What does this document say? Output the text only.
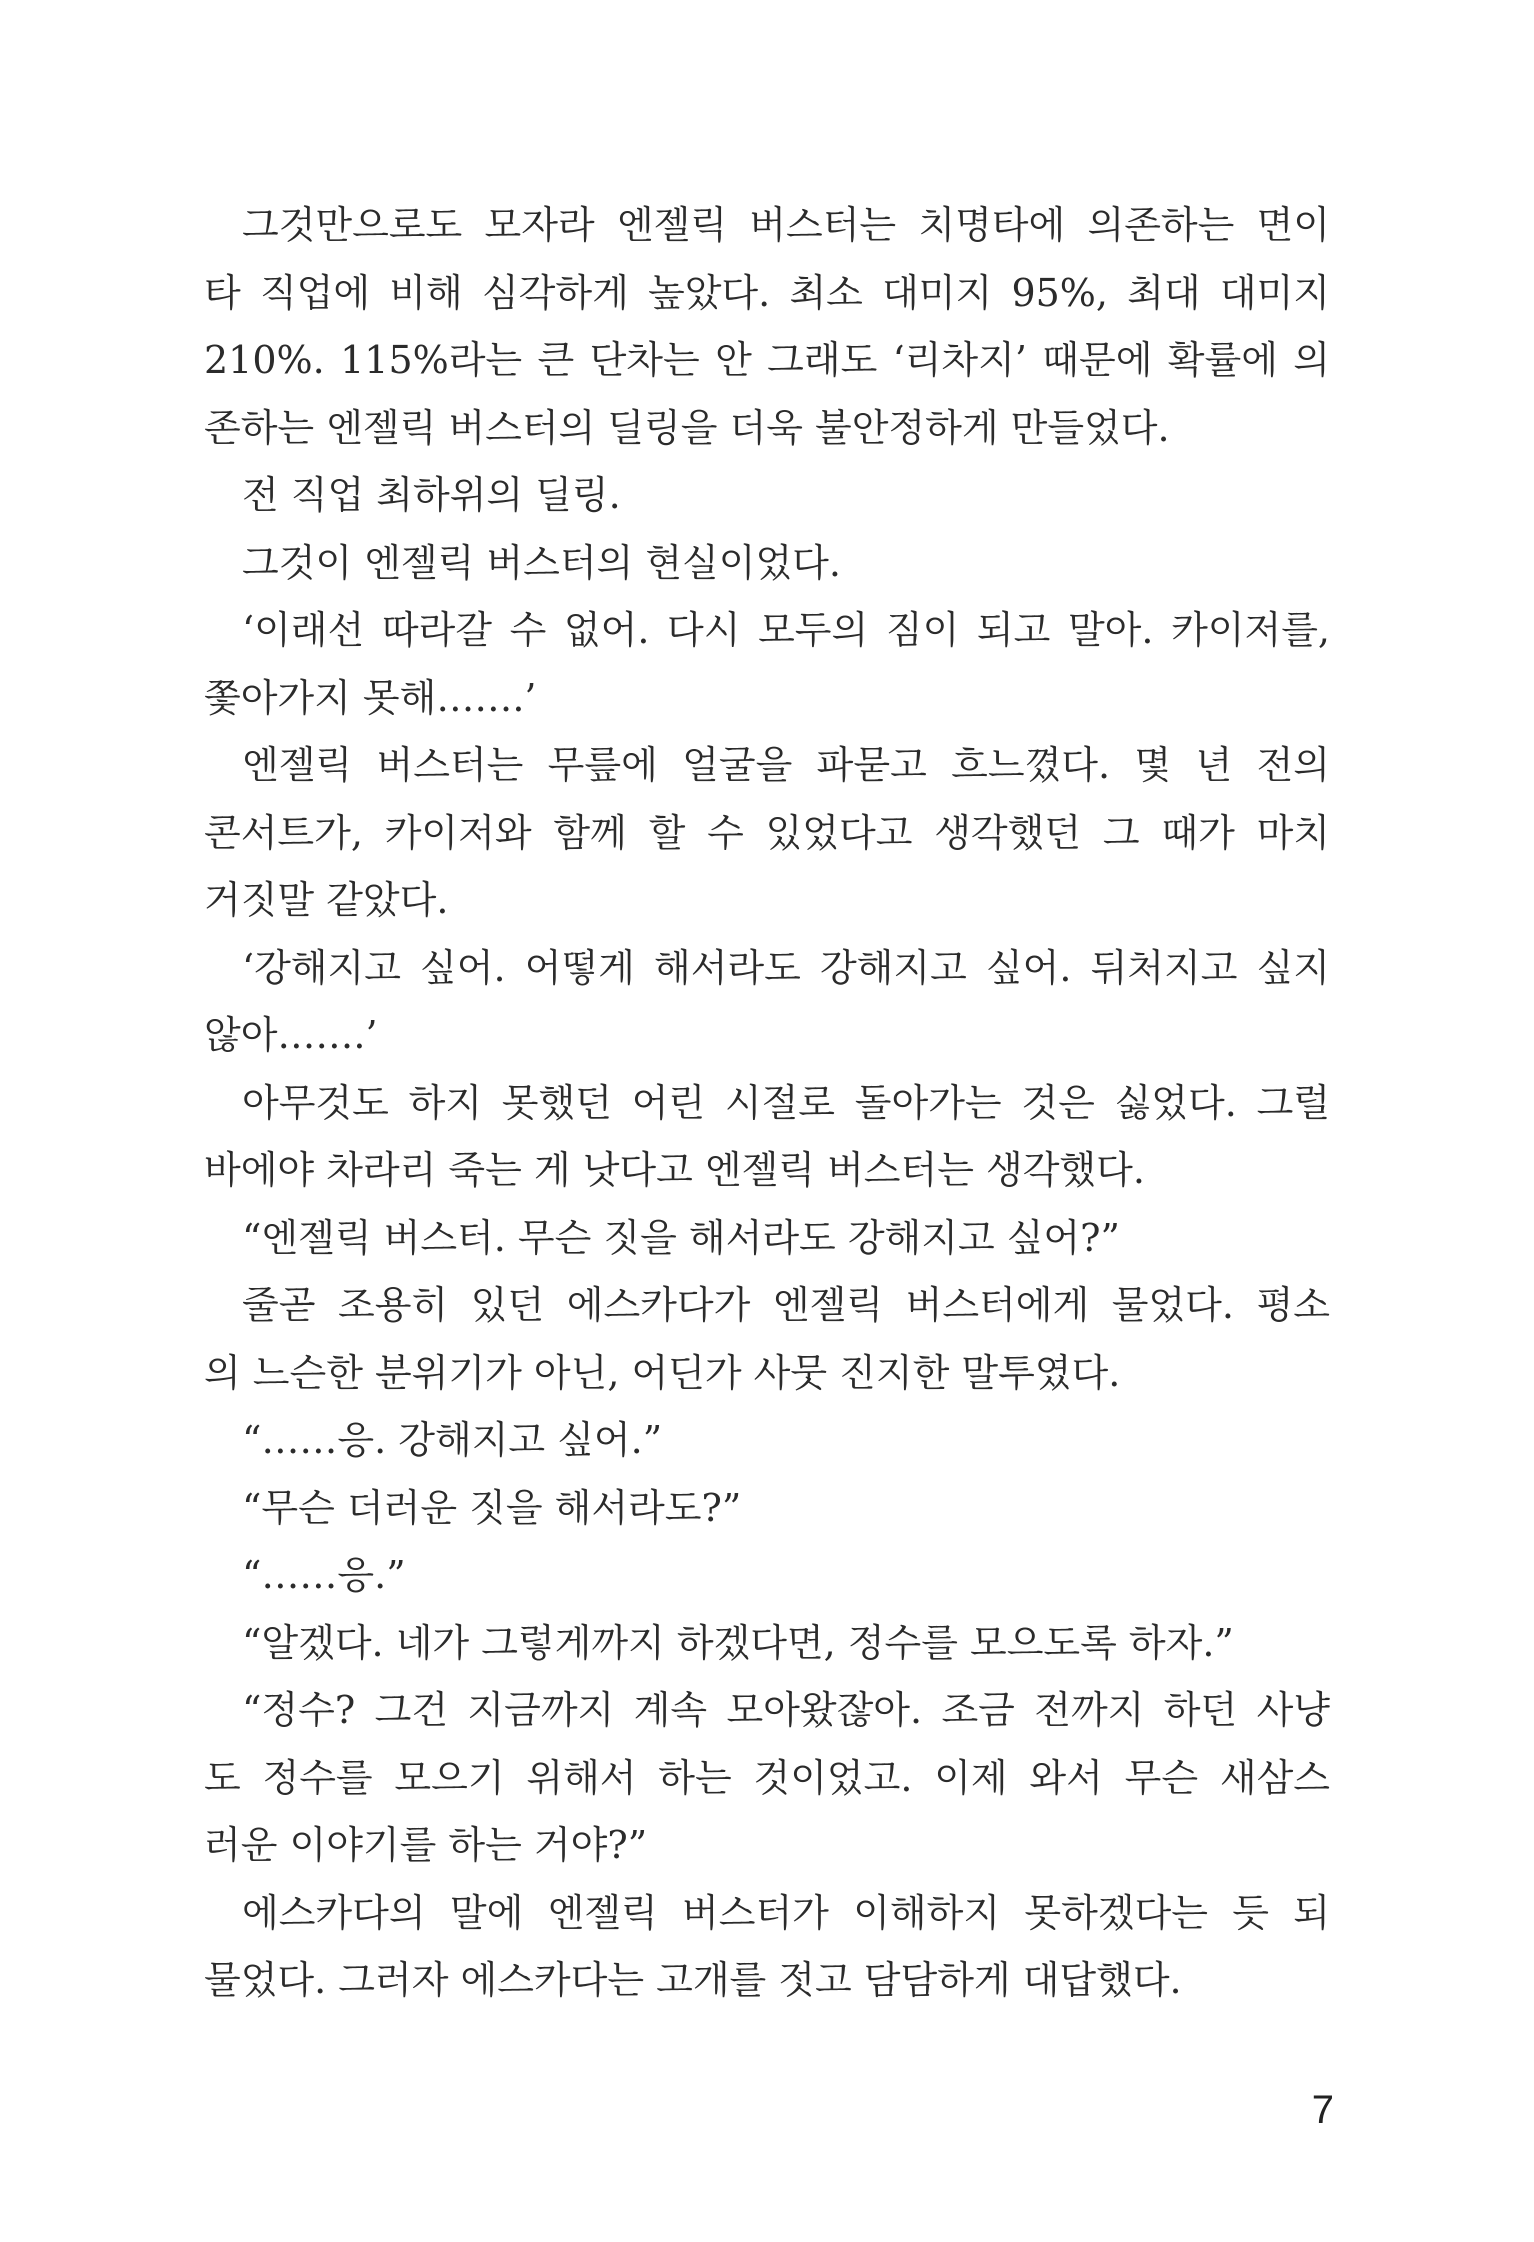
그것만으로도 모자라 엔젤릭 버스터는 치명타에 의존하는 면이
타 직업에 비해 심각하게 높았다. 최소 대미지 95%, 최대 대미지
210%. 115%라는 큰 단차는 안 그래도 ‘리차지’ 때문에 확률에 의
존하는 엔젤릭 버스터의 딜링을 더욱 불안정하게 만들었다.
전 직업 최하위의 딜링.
그것이 엔젤릭 버스터의 현실이었다.
‘이래선 따라갈 수 없어. 다시 모두의 짐이 되고 말아. 카이저를,
쫓아가지 못해…….’
엔젤릭 버스터는 무릎에 얼굴을 파묻고 흐느꼈다. 몇 년 전의
콘서트가, 카이저와 함께 할 수 있었다고 생각했던 그 때가 마치
거짓말 같았다.
‘강해지고 싶어. 어떻게 해서라도 강해지고 싶어. 뒤처지고 싶지
않아…….’
아무것도 하지 못했던 어린 시절로 돌아가는 것은 싫었다. 그럴
바에야 차라리 죽는 게 낫다고 엔젤릭 버스터는 생각했다.
“엔젤릭 버스터. 무슨 짓을 해서라도 강해지고 싶어?”
줄곧 조용히 있던 에스카다가 엔젤릭 버스터에게 물었다. 평소
의 느슨한 분위기가 아닌, 어딘가 사뭇 진지한 말투였다.
“……응. 강해지고 싶어.”
“무슨 더러운 짓을 해서라도?”
“……응.”
“알겠다. 네가 그렇게까지 하겠다면, 정수를 모으도록 하자.”
“정수? 그건 지금까지 계속 모아왔잖아. 조금 전까지 하던 사냥
도 정수를 모으기 위해서 하는 것이었고. 이제 와서 무슨 새삼스
러운 이야기를 하는 거야?”
에스카다의 말에 엔젤릭 버스터가 이해하지 못하겠다는 듯 되
물었다. 그러자 에스카다는 고개를 젓고 담담하게 대답했다.
7
